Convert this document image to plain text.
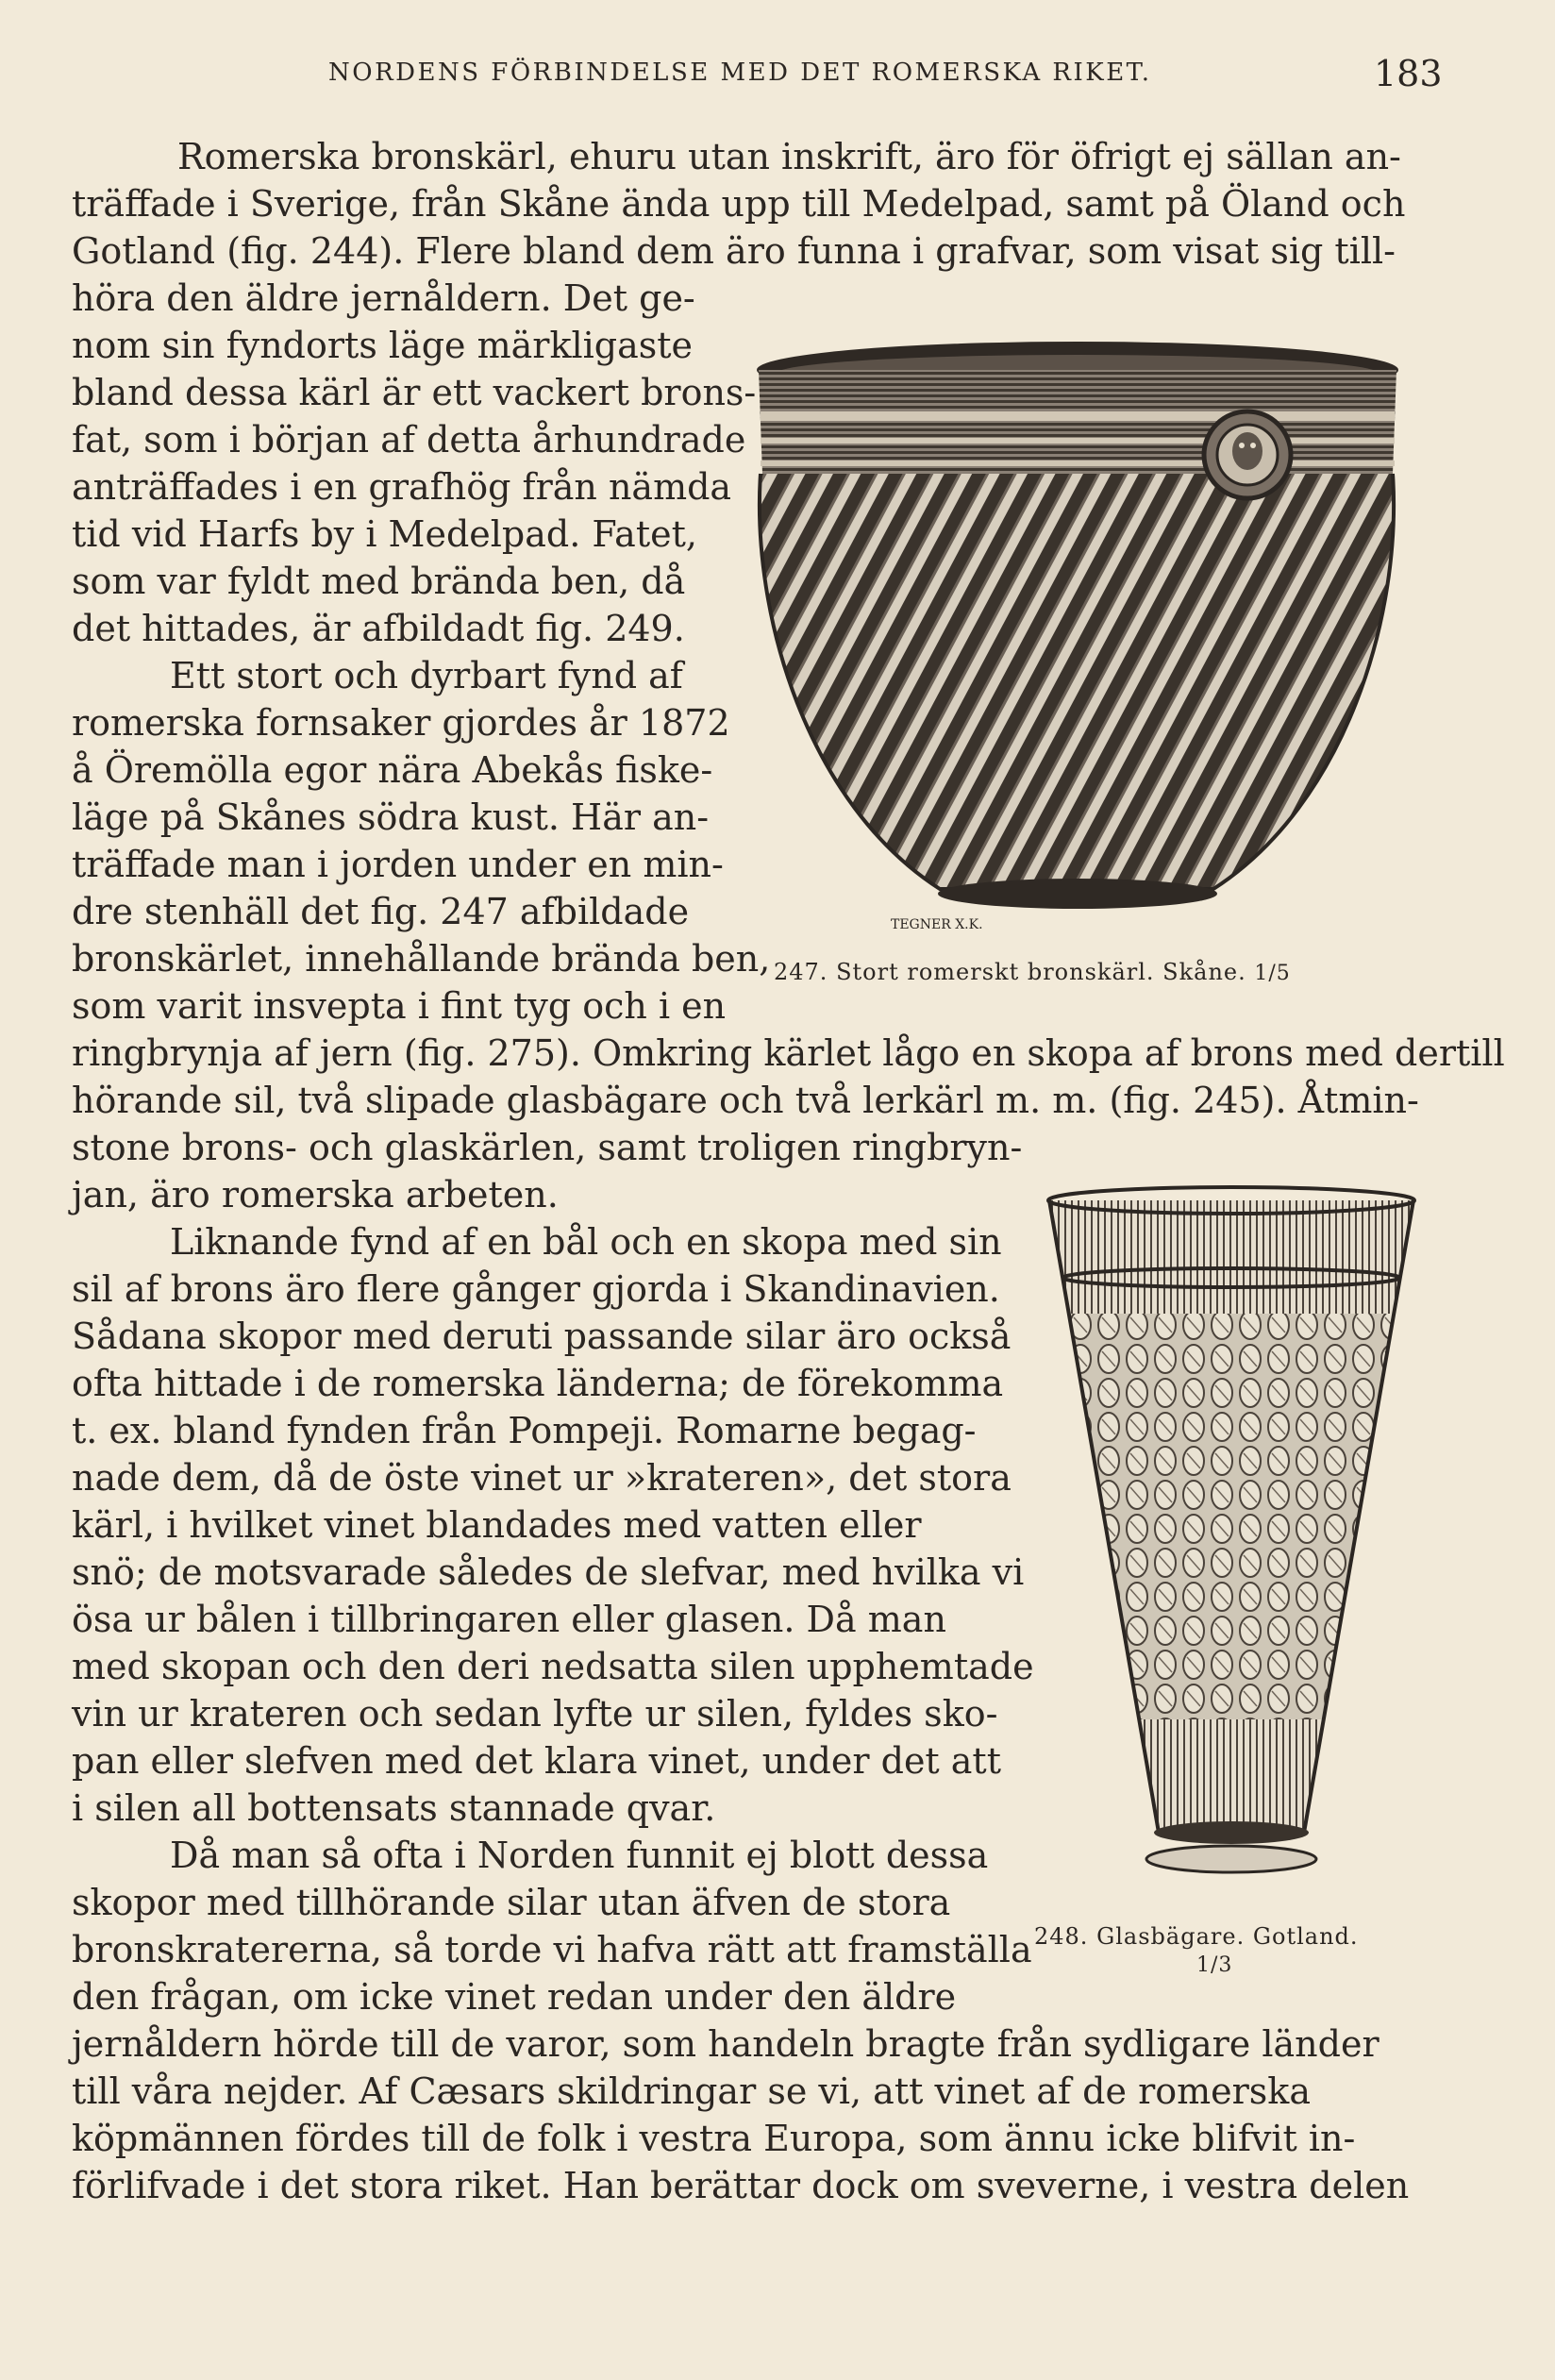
NORDENS FÖRBINDELSE MED DET ROMERSKA RIKET.	183
Romerska bronskärl, ehuru utan inskrift, äro för öfrigt ej sällan an-
träffade i Sverige, från Skåne ända upp till Medelpad, samt på Öland och
Gotland (fig. 244). Flere bland dem äro funna i grafvar, som visat sig till-
höra den äldre jernåldern. Det ge-
nom sin fyndorts läge märkligaste
bland dessa kärl är ett vackert brons-
fat, som i början af detta århundrade
anträffades i en grafhög från nämda
tid vid Harfs by i Medelpad. Fatet,
som var fyldt med brända ben, då
det hittades, är afbildadt fig. 249.
Ett stort och dyrbart fynd af
romerska fornsaker gjordes år 1872
å Öremölla egor nära Abekås fiske-
läge på Skånes södra kust. Här an-
träffade man i jorden under en min-
dre stenhäll det fig. 247 afbildade
bronskärlet, innehållande brända ben,
som varit insvepta i fint tyg och i en
ringbrynja af jern (fig. 275). Omkring kärlet lågo en skopa af brons med dertill
hörande sil, två slipade glasbägare och två lerkärl m. m. (fig. 245). Åtmin-
stone brons- och glaskärlen, samt troligen ringbryn-
jan, äro romerska arbeten.
Liknande fynd af en bål och en skopa med sin
sil af brons äro flere gånger gjorda i Skandinavien.
Sådana skopor med deruti passande silar äro också
ofta hittade i de romerska länderna; de förekomma
t. ex. bland fynden från Pompeji. Romarne begag-
nade dem, då de öste vinet ur »krateren», det stora
kärl, i hvilket vinet blandades med vatten eller
snö; de motsvarade således de slefvar, med hvilka vi
ösa ur bålen i tillbringaren eller glasen. Då man
med skopan och den deri nedsatta silen upphemtade
vin ur krateren och sedan lyfte ur silen, fyldes sko-
pan eller slefven med det klara vinet, under det att
i silen all bottensats stannade qvar.
Då man så ofta i Norden funnit ej blott dessa
skopor med tillhörande silar utan äfven de stora
bronskratererna, så torde vi hafva rätt att framställa
den frågan, om icke vinet redan under den äldre
jernåldern hörde till de varor, som handeln bragte från sydligare länder
till våra nejder. Af Cæsars skildringar se vi, att vinet af de romerska
köpmännen fördes till de folk i vestra Europa, som ännu icke blifvit in-
förlifvade i det stora riket. Han berättar dock om sveverne, i vestra delen
TEGNER X.K.
247. Stort romerskt bronskärl. Skåne. 1/5
248. Glasbägare. Gotland.
1/3
